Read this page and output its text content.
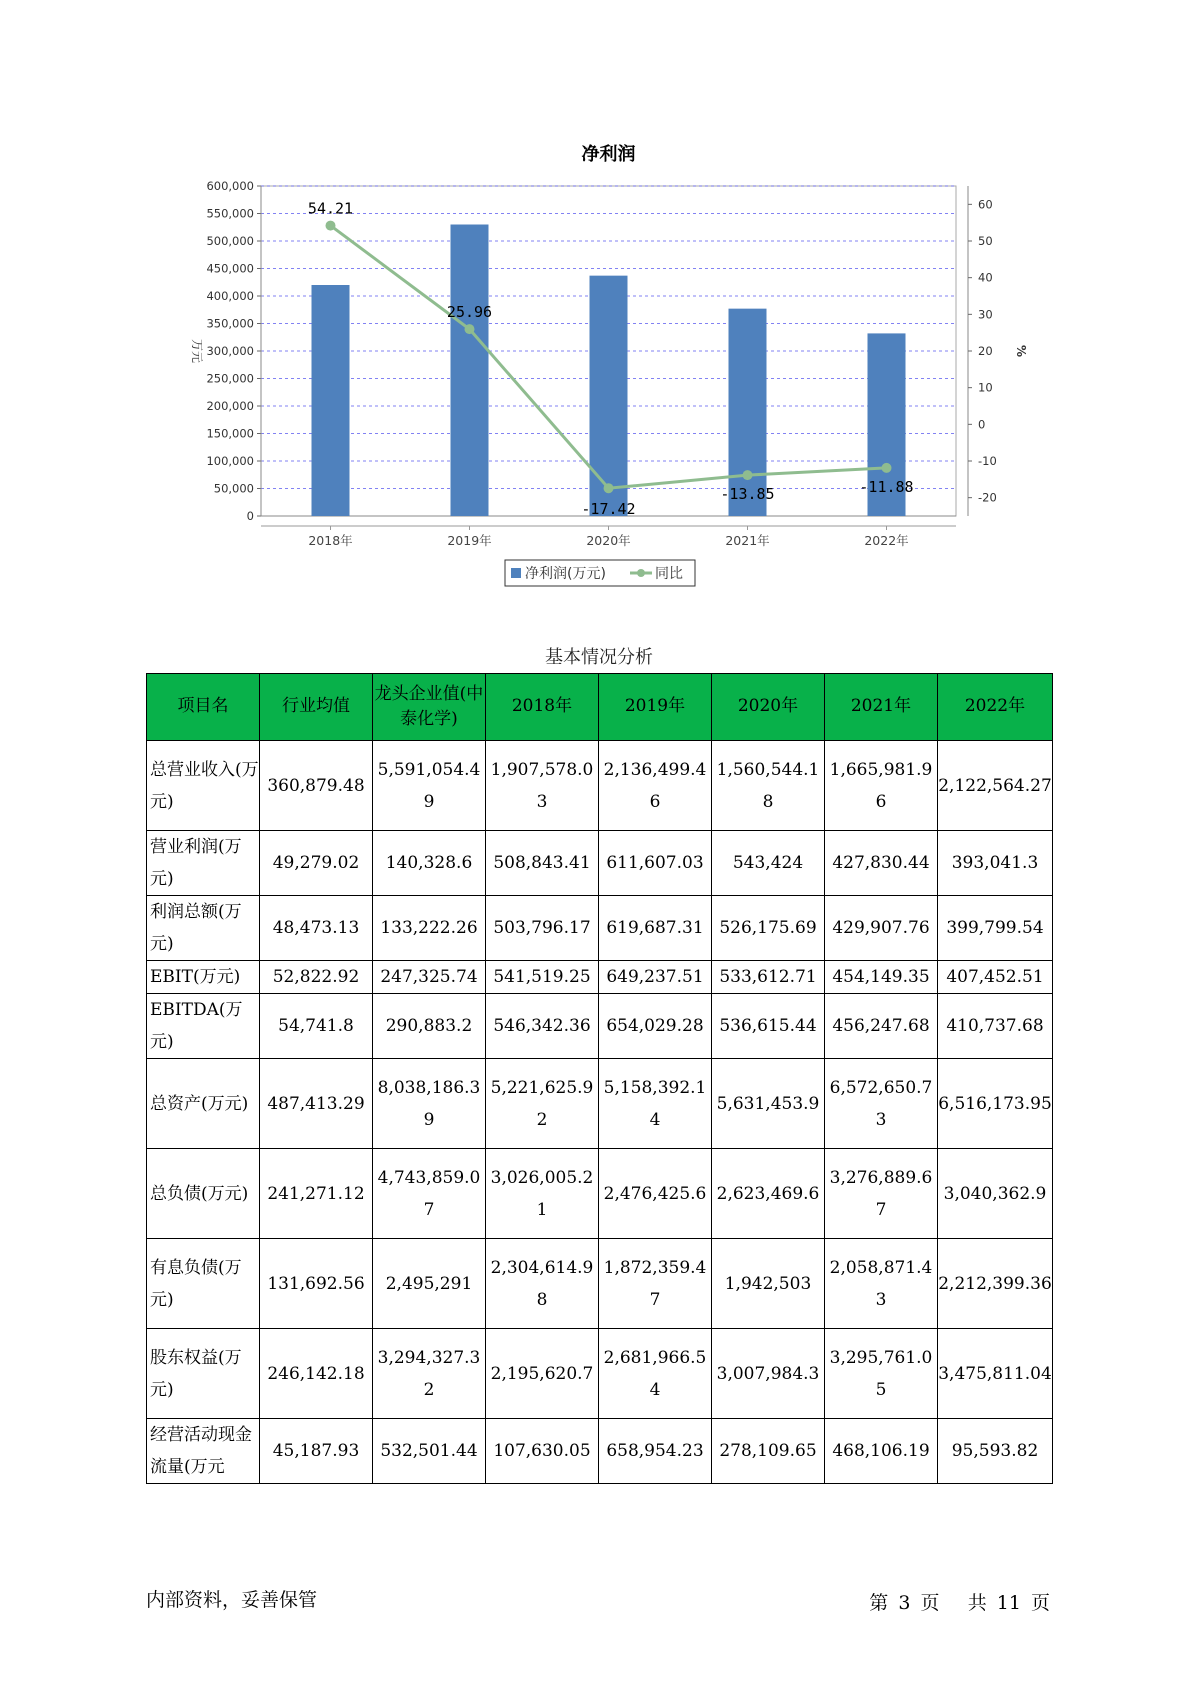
净利润
0
50,000
100,000
150,000
200,000
250,000
300,000
350,000
400,000
450,000
500,000
550,000
600,000
-20
-10
0
10
20
30
40
50
60
万元	%
2018年	2019年	2020年	2021年	2022年
54.21
25.96
-17.42
-13.85	-11.88
净利润(万元)	同比
基本情况分析
项目名	行业均值	龙头企业值(中泰化学)	2018年	2019年	2020年	2021年	2022年
总营业收入(万元)	360,879.48	5,591,054.49	1,907,578.03	2,136,499.46	1,560,544.18	1,665,981.96	2,122,564.27
营业利润(万元)	49,279.02	140,328.6	508,843.41	611,607.03	543,424	427,830.44	393,041.3
利润总额(万元)	48,473.13	133,222.26	503,796.17	619,687.31	526,175.69	429,907.76	399,799.54
EBIT(万元)	52,822.92	247,325.74	541,519.25	649,237.51	533,612.71	454,149.35	407,452.51
EBITDA(万元)	54,741.8	290,883.2	546,342.36	654,029.28	536,615.44	456,247.68	410,737.68
总资产(万元)	487,413.29	8,038,186.39	5,221,625.92	5,158,392.14	5,631,453.9	6,572,650.73	6,516,173.95
总负债(万元)	241,271.12	4,743,859.07	3,026,005.21	2,476,425.6	2,623,469.6	3,276,889.67	3,040,362.9
有息负债(万元)	131,692.56	2,495,291	2,304,614.98	1,872,359.47	1,942,503	2,058,871.43	2,212,399.36
股东权益(万元)	246,142.18	3,294,327.32	2,195,620.7	2,681,966.54	3,007,984.3	3,295,761.05	3,475,811.04
经营活动现金流量(万元	45,187.93	532,501.44	107,630.05	658,954.23	278,109.65	468,106.19	95,593.82
内部资料，妥善保管	第 3 页 共 11 页
